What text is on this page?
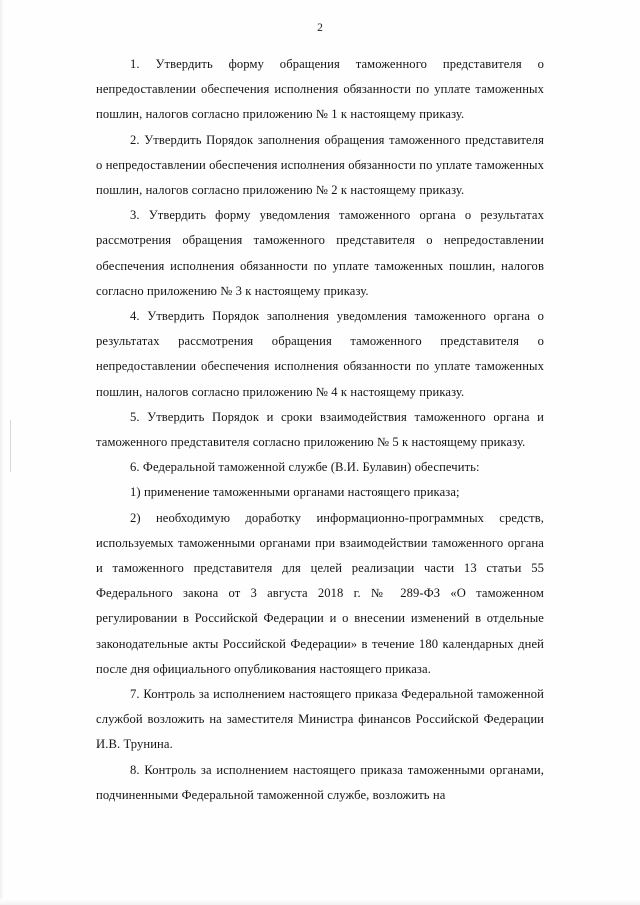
2

1. Утвердить форму обращения таможенного представителя о непредоставлении обеспечения исполнения обязанности по уплате таможенных пошлин, налогов согласно приложению № 1 к настоящему приказу.

2. Утвердить Порядок заполнения обращения таможенного представителя о непредоставлении обеспечения исполнения обязанности по уплате таможенных пошлин, налогов согласно приложению № 2 к настоящему приказу.

3. Утвердить форму уведомления таможенного органа о результатах рассмотрения обращения таможенного представителя о непредоставлении обеспечения исполнения обязанности по уплате таможенных пошлин, налогов согласно приложению № 3 к настоящему приказу.

4. Утвердить Порядок заполнения уведомления таможенного органа о результатах рассмотрения обращения таможенного представителя о непредоставлении обеспечения исполнения обязанности по уплате таможенных пошлин, налогов согласно приложению № 4 к настоящему приказу.

5. Утвердить Порядок и сроки взаимодействия таможенного органа и таможенного представителя согласно приложению № 5 к настоящему приказу.

6. Федеральной таможенной службе (В.И. Булавин) обеспечить:

1) применение таможенными органами настоящего приказа;

2) необходимую доработку информационно-программных средств, используемых таможенными органами при взаимодействии таможенного органа и таможенного представителя для целей реализации части 13 статьи 55 Федерального закона от 3 августа 2018 г. № 289-ФЗ «О таможенном регулировании в Российской Федерации и о внесении изменений в отдельные законодательные акты Российской Федерации» в течение 180 календарных дней после дня официального опубликования настоящего приказа.

7. Контроль за исполнением настоящего приказа Федеральной таможенной службой возложить на заместителя Министра финансов Российской Федерации И.В. Трунина.

8. Контроль за исполнением настоящего приказа таможенными органами, подчиненными Федеральной таможенной службе, возложить на
